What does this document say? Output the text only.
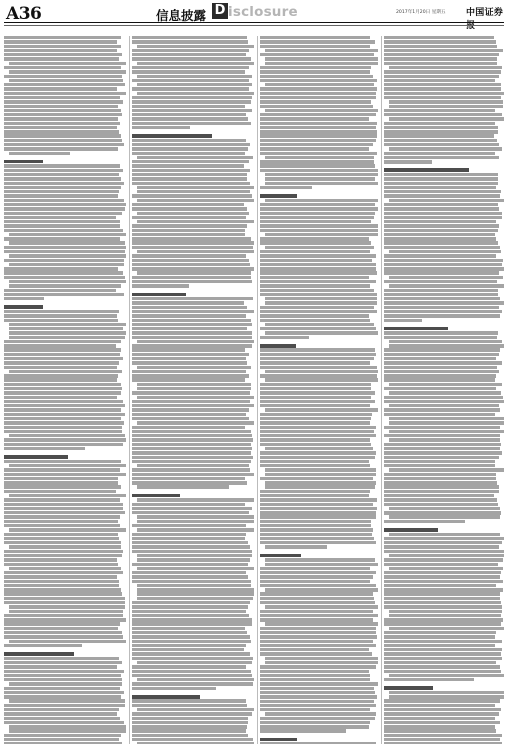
A36	信息披露 D isclosure	2017年1月20日 星期五 中国证券报
